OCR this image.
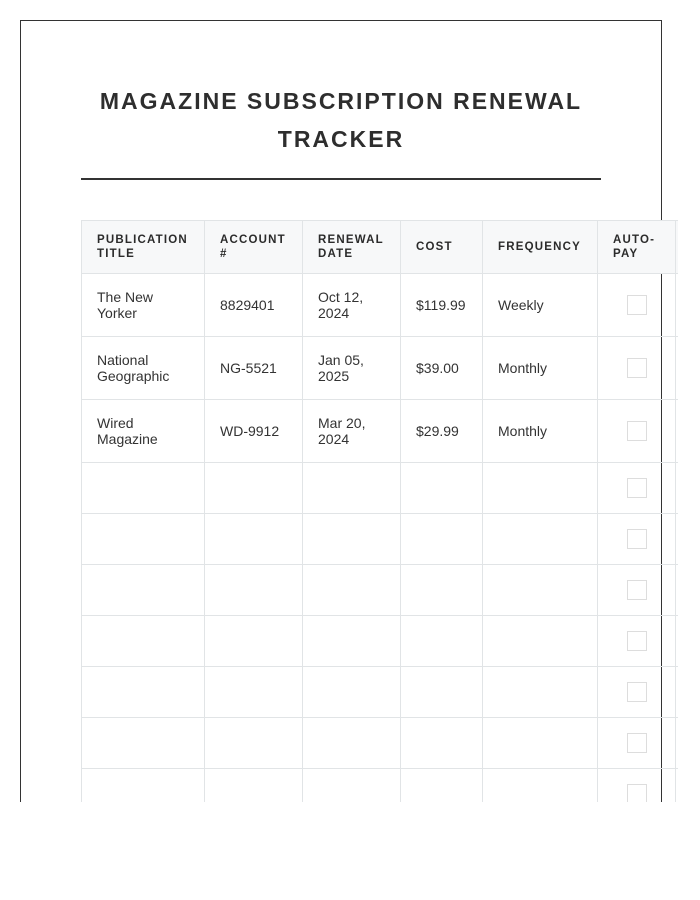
MAGAZINE SUBSCRIPTION RENEWAL TRACKER
PUBLICATION TITLE	ACCOUNT #	RENEWAL DATE	COST	FREQUENCY	AUTO-PAY	
The New Yorker	8829401	Oct 12, 2024	$119.99	Weekly	

National Geographic	NG-5521	Jan 05, 2025	$39.00	Monthly	

Wired Magazine	WD-9912	Mar 20, 2024	$29.99	Monthly	
